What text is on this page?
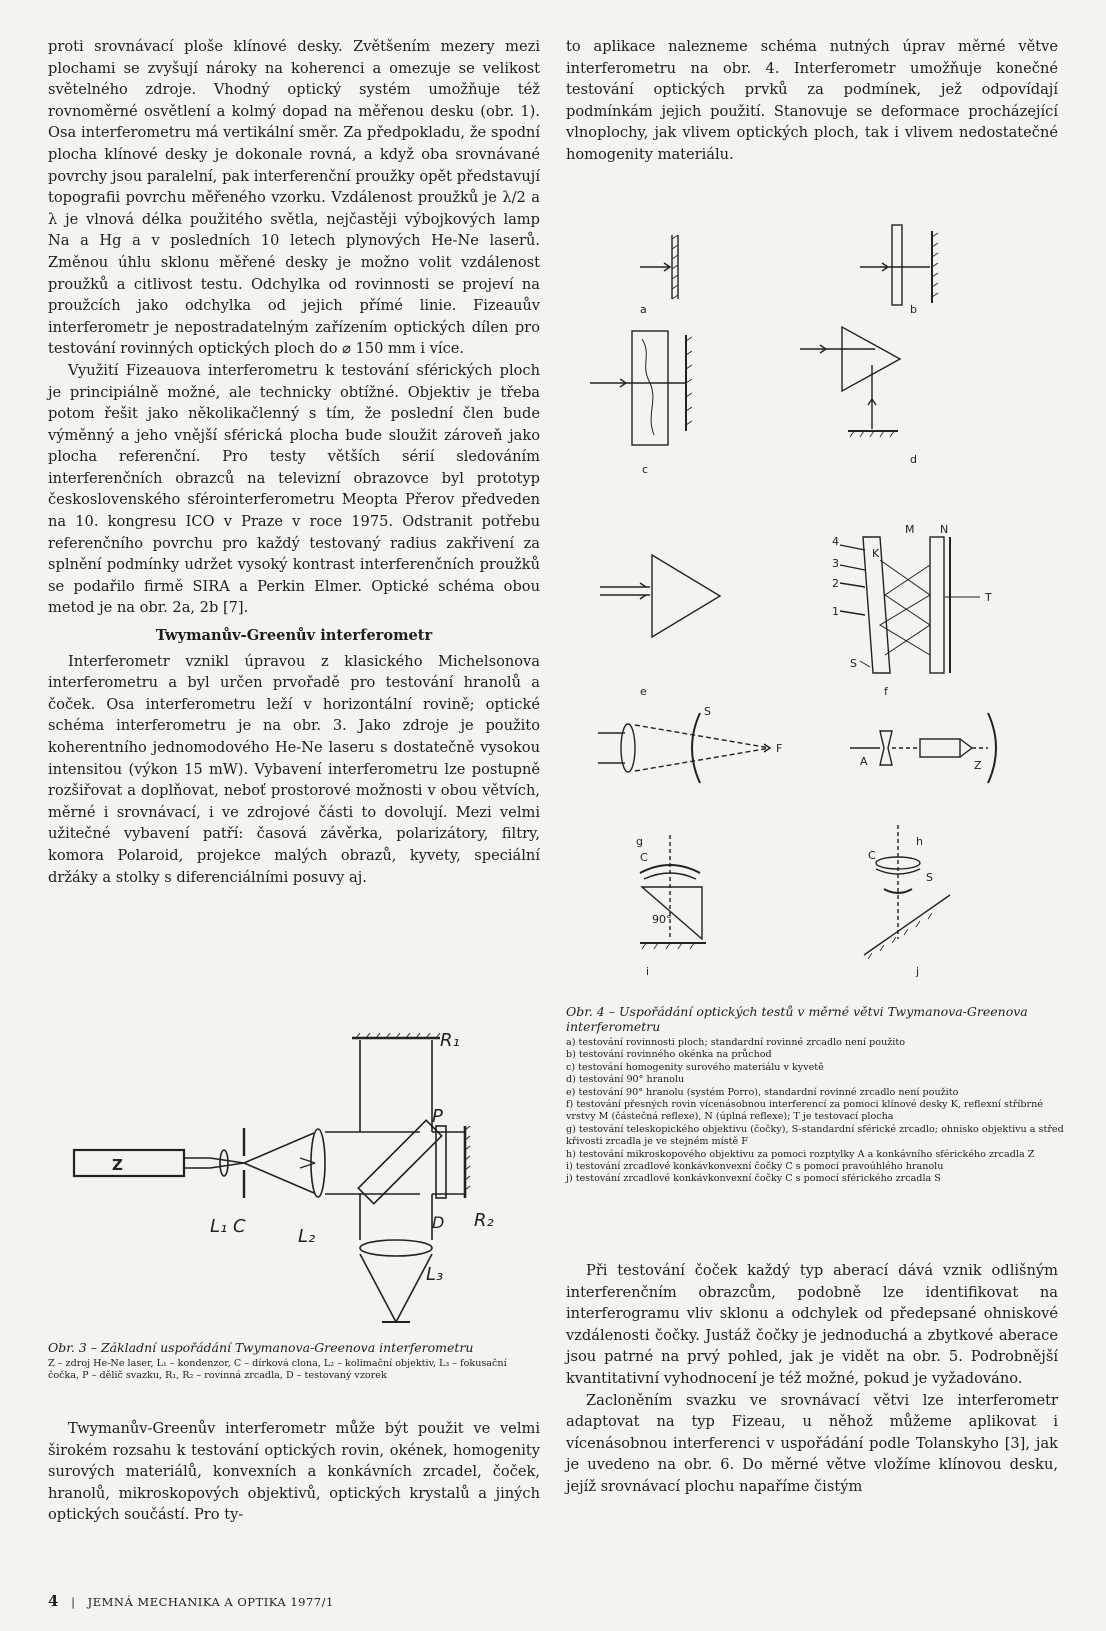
proti srovnávací ploše klínové desky. Zvětšením mezery mezi plochami se zvyšují nároky na koherenci a omezuje se velikost světelného zdroje. Vhodný optický systém umožňuje též rovnoměrné osvětlení a kolmý dopad na měřenou desku (obr. 1). Osa interferometru má vertikální směr. Za předpokladu, že spodní plocha klínové desky je dokonale rovná, a když oba srovnávané povrchy jsou paralelní, pak interferenční proužky opět představují topografii povrchu měřeného vzorku. Vzdálenost proužků je λ/2 a λ je vlnová délka použitého světla, nejčastěji výbojkových lamp Na a Hg a v posledních 10 letech plynových He-Ne laserů. Změnou úhlu sklonu měřené desky je možno volit vzdálenost proužků a citlivost testu. Odchylka od rovinnosti se projeví na proužcích jako odchylka od jejich přímé linie. Fizeauův interferometr je nepostradatelným zařízením optických dílen pro testování rovinných optických ploch do ⌀ 150 mm i více.

Využití Fizeauova interferometru k testování sférických ploch je principiálně možné, ale technicky obtížné. Objektiv je třeba potom řešit jako několikačlenný s tím, že poslední člen bude výměnný a jeho vnější sférická plocha bude sloužit zároveň jako plocha referenční. Pro testy větších sérií sledováním interferenčních obrazců na televizní obrazovce byl prototyp československého sférointerferometru Meopta Přerov předveden na 10. kongresu ICO v Praze v roce 1975. Odstranit potřebu referenčního povrchu pro každý testovaný radius zakřivení za splnění podmínky udržet vysoký kontrast interferenčních proužků se podařilo firmě SIRA a Perkin Elmer. Optické schéma obou metod je na obr. 2a, 2b [7].

Twymanův-Greenův interferometr

Interferometr vznikl úpravou z klasického Michelsonova interferometru a byl určen prvořadě pro testování hranolů a čoček. Osa interferometru leží v horizontální rovině; optické schéma interferometru je na obr. 3. Jako zdroje je použito koherentního jednomodového He-Ne laseru s dostatečně vysokou intensitou (výkon 15 mW). Vybavení interferometru lze postupně rozšiřovat a doplňovat, neboť prostorové možnosti v obou větvích, měrné i srovnávací, i ve zdrojové části to dovolují. Mezi velmi užitečné vybavení patří: časová závěrka, polarizátory, filtry, komora Polaroid, projekce malých obrazů, kyvety, speciální držáky a stolky s diferenciálními posuvy aj.

Z
L₁ C	L₂
L₃
R₁
R₂
P
D

Obr. 3 – Základní uspořádání Twymanova-Greenova interferometru

Z – zdroj He-Ne laser, L₁ – kondenzor, C – dírková clona, L₂ – kolimační objektiv, L₃ – fokusační čočka, P – dělič svazku, R₁, R₂ – rovinná zrcadla, D – testovaný vzorek

Twymanův-Greenův interferometr může být použit ve velmi širokém rozsahu k testování optických rovin, okének, homogenity surových materiálů, konvexních a konkávních zrcadel, čoček, hranolů, mikroskopových objektivů, optických krystalů a jiných optických součástí. Pro ty-

to aplikace nalezneme schéma nutných úprav měrné větve interferometru na obr. 4. Interferometr umožňuje konečné testování optických prvků za podmínek, jež odpovídají podmínkám jejich použití. Stanovuje se deformace procházející vlnoplochy, jak vlivem optických ploch, tak i vlivem nedostatečné homogenity materiálu.

a	b
c
d
e	f
g	h
i	j
M N
K
T
S
4
3
2
1
S
F
A	Z
C
90°
C
S

Obr. 4 – Uspořádání optických testů v měrné větvi Twymanova-Greenova interferometru

a) testování rovinnosti ploch; standardní rovinné zrcadlo není použito
b) testování rovinného okénka na průchod
c) testování homogenity surového materiálu v kyvetě
d) testování 90° hranolu
e) testování 90° hranolu (systém Porro), standardní rovinné zrcadlo není použito
f) testování přesných rovin vícenásobnou interferencí za pomoci klínové desky K, reflexní stříbrné vrstvy M (částečná reflexe), N (úplná reflexe); T je testovací plocha
g) testování teleskopického objektivu (čočky), S-standardní sférické zrcadlo; ohnisko objektivu a střed křivosti zrcadla je ve stejném místě F
h) testování mikroskopového objektivu za pomoci rozptylky A a konkávního sférického zrcadla Z
i) testování zrcadlové konkávkonvexní čočky C s pomocí pravoúhlého hranolu
j) testování zrcadlové konkávkonvexní čočky C s pomocí sférického zrcadla S

Při testování čoček každý typ aberací dává vznik odlišným interferenčním obrazcům, podobně lze identifikovat na interferogramu vliv sklonu a odchylek od předepsané ohniskové vzdálenosti čočky. Justáž čočky je jednoduchá a zbytkové aberace jsou patrné na prvý pohled, jak je vidět na obr. 5. Podrobnější kvantitativní vyhodnocení je též možné, pokud je vyžadováno.

Zacloněním svazku ve srovnávací větvi lze interferometr adaptovat na typ Fizeau, u něhož můžeme aplikovat i vícenásobnou interferenci v uspořádání podle Tolanskyho [3], jak je uvedeno na obr. 6. Do měrné větve vložíme klínovou desku, jejíž srovnávací plochu napaříme čistým

4 | JEMNÁ MECHANIKA A OPTIKA 1977/1
